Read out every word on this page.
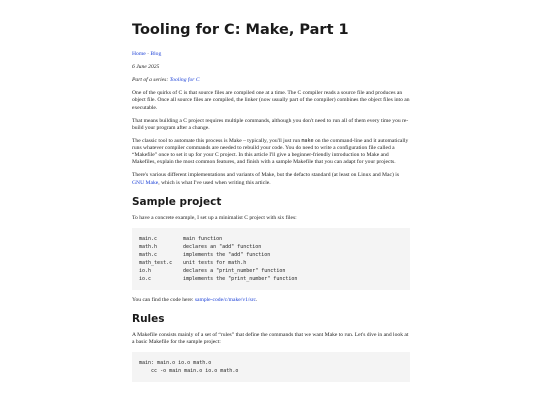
Tooling for C: Make, Part 1

Home · Blog

6 June 2025

Part of a series: Tooling for C

One of the quirks of C is that source files are compiled one at a time. The C compiler reads a source file and produces an object file. Once all source files are compiled, the linker (now usually part of the compiler) combines the object files into an executable.

That means building a C project requires multiple commands, although you don't need to run all of them every time you re-build your program after a change.

The classic tool to automate this process is Make – typically, you'll just run make on the command-line and it automatically runs whatever compiler commands are needed to rebuild your code. You do need to write a configuration file called a “Makefile” once to set it up for your C project. In this article I'll give a beginner-friendly introduction to Make and Makefiles, explain the most common features, and finish with a sample Makefile that you can adapt for your projects.

There's various different implementations and variants of Make, but the defacto standard (at least on Linux and Mac) is GNU Make, which is what I've used when writing this article.

Sample project

To have a concrete example, I set up a minimalist C project with six files:

main.c	main function
math.h	declares an "add" function
math.c	implements the "add" function
math_test.c	unit tests for math.h
io.h	declares a "print_number" function
io.c	implements the "print_number" function

You can find the code here: sample-code/c/make/v1/src.

Rules

A Makefile consists mainly of a set of “rules” that define the commands that we want Make to run. Let's dive in and look at a basic Makefile for the sample project:

main: main.o io.o math.o
cc -o main main.o io.o math.o
